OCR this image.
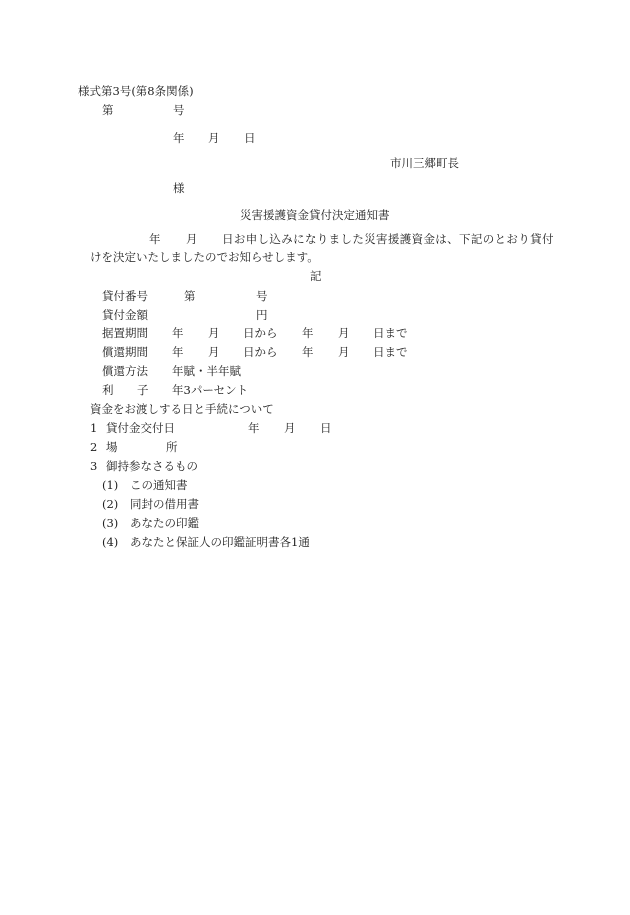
様式第3号(第8条関係)
第	号
年 月 日
市川三郷町長
様
災害援護資金貸付決定通知書
年 月 日お申し込みになりました災害援護資金は、下記のとおり貸付
けを決定いたしましたのでお知らせします。
記
貸付番号	第	号
貸付金額	円
据置期間 年 月 日から 年 月 日まで
償還期間 年 月 日から 年 月 日まで
償還方法 年賦・半年賦
利 子 年3パーセント
資金をお渡しする日と手続について
1 貸付金交付日	年 月 日
2 場	所
3 御持参なさるもの
(1) この通知書
(2) 同封の借用書
(3) あなたの印鑑
(4) あなたと保証人の印鑑証明書各1通
